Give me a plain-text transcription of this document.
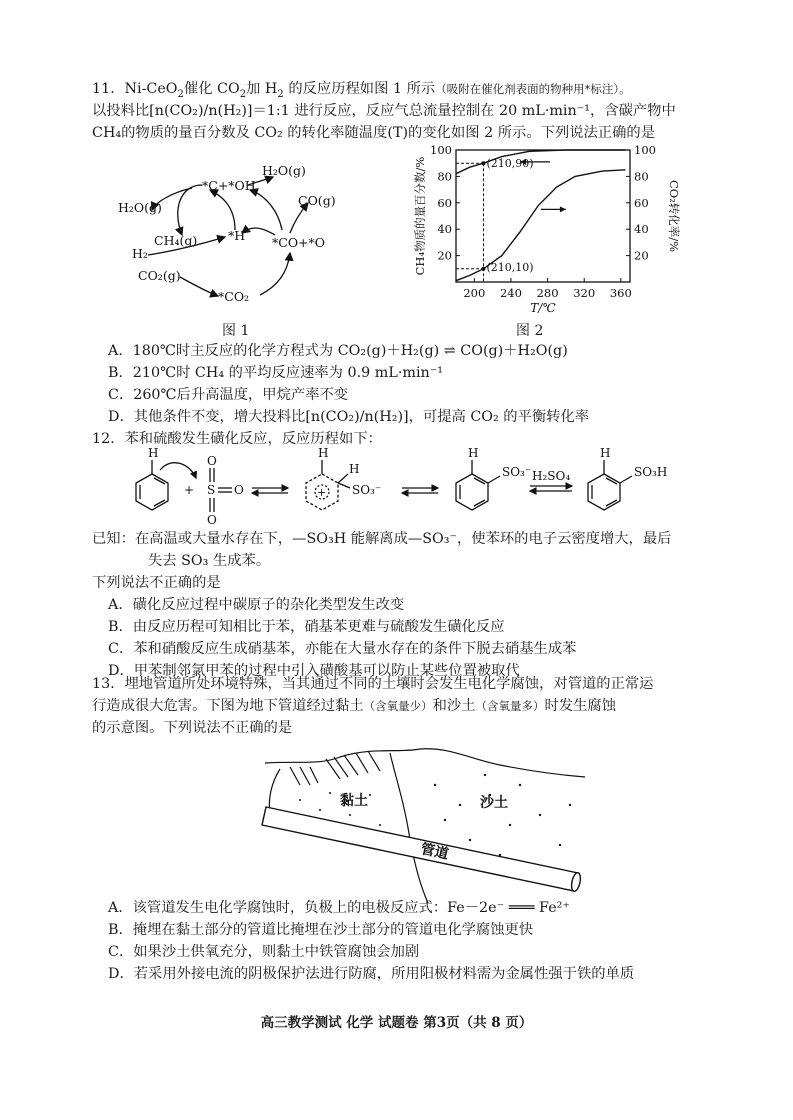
11．Ni-CeO$_2$催化 $CO_2$加 $H_2$ 的反应历程如图 1 所示（吸附在催化剂表面的物种用*标注）。
以投料比[n(CO₂)/n(H₂)]＝1:1 进行反应，反应气总流量控制在 20 mL·min⁻¹，含碳产物中
CH₄的物质的量百分数及 CO₂ 的转化率随温度(T)的变化如图 2 所示。下列说法正确的是
H₂O(g)
*C+*OH
H₂O(g)
CO(g)
CH₄(g) *H
H₂
*CO+*O
CO₂(g)
*CO₂
图 1
200 240 280 320 360
20	20
40	40
60	60
80	80
100	100
T/℃
CH₄物质的量百分数/%	CO₂转化率/%
(210,90)
(210,10)
图 2
A．180℃时主反应的化学方程式为 CO₂(g)＋H₂(g) ⇌ CO(g)＋H₂O(g)
B．210℃时 CH₄ 的平均反应速率为 0.9 mL·min⁻¹
C．260℃后升高温度，甲烷产率不变
D．其他条件不变，增大投料比[n(CO₂)/n(H₂)]，可提高 CO₂ 的平衡转化率
12．苯和硫酸发生磺化反应，反应历程如下：
H
+ S
O
O
O
H
+
H
SO₃⁻
H
SO₃⁻ H₂SO₄
H
SO₃H
已知：在高温或大量水存在下，—SO₃H 能解离成—SO₃⁻，使苯环的电子云密度增大，最后
失去 SO₃ 生成苯。
下列说法不正确的是
A．磺化反应过程中碳原子的杂化类型发生改变
B．由反应历程可知相比于苯，硝基苯更难与硫酸发生磺化反应
C．苯和硝酸反应生成硝基苯，亦能在大量水存在的条件下脱去硝基生成苯
D．甲苯制邻氯甲苯的过程中引入磺酸基可以防止某些位置被取代
13．埋地管道所处环境特殊，当其通过不同的土壤时会发生电化学腐蚀，对管道的正常运
行造成很大危害。下图为地下管道经过黏土（含氧量少）和沙土（含氧量多）时发生腐蚀
的示意图。下列说法不正确的是
黏土	沙土
管道
A．该管道发生电化学腐蚀时，负极上的电极反应式：Fe－2e⁻ ═══ Fe²⁺
B．掩埋在黏土部分的管道比掩埋在沙土部分的管道电化学腐蚀更快
C．如果沙土供氧充分，则黏土中铁管腐蚀会加剧
D．若采用外接电流的阴极保护法进行防腐，所用阳极材料需为金属性强于铁的单质
高三教学测试 化学 试题卷 第3页（共 8 页）
